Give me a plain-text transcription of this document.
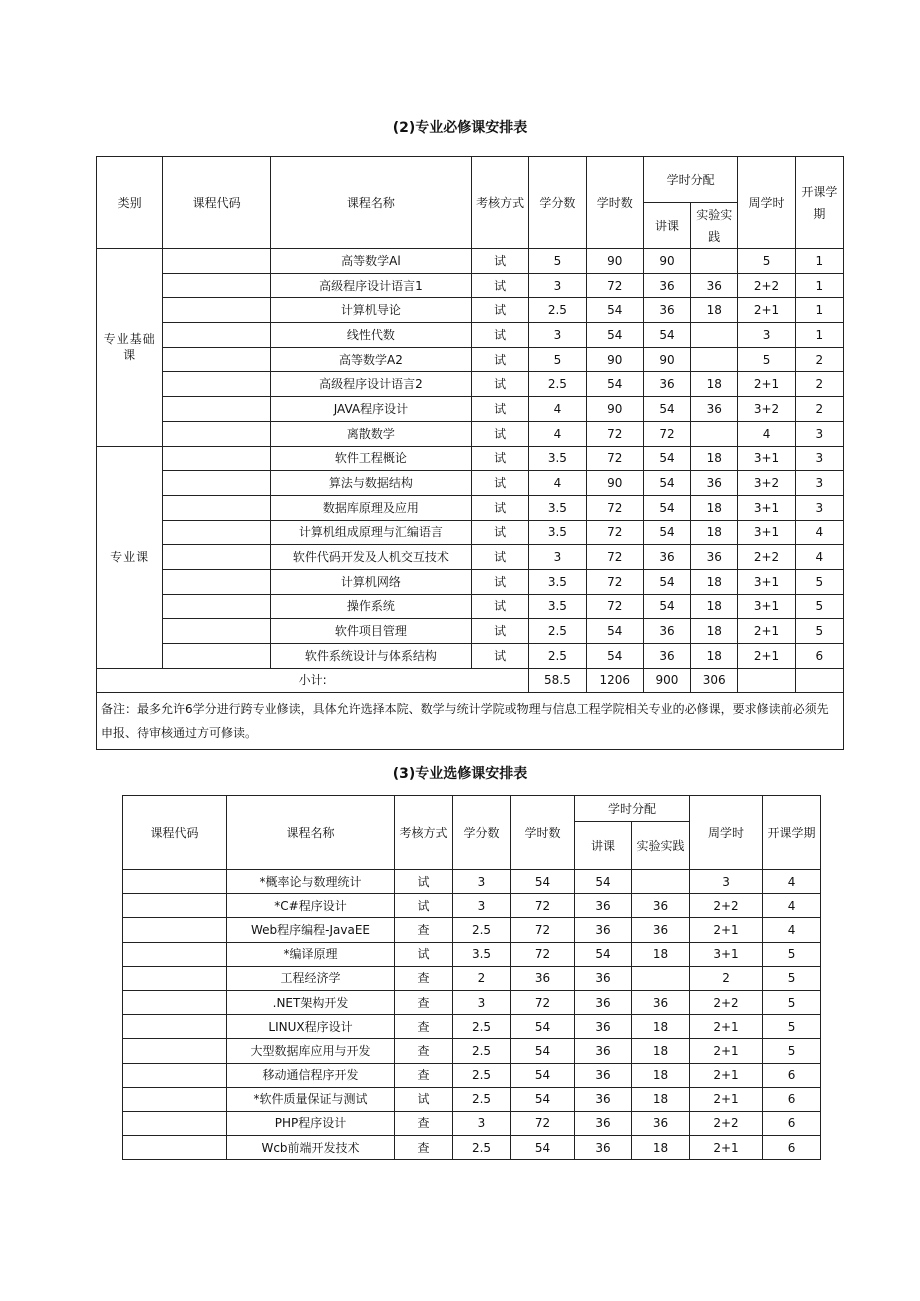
(2)专业必修课安排表
类别	课程代码	课程名称	考核方式	学分数	学时数	学时分配		周学时	开课学期
						讲课	实验实践		
专业基础课		高等数学Al	试	5	90	90		5	1
		高级程序设计语言1	试	3	72	36	36	2+2	1
		计算机导论	试	2.5	54	36	18	2+1	1
		线性代数	试	3	54	54		3	1
		高等数学A2	试	5	90	90		5	2
		高级程序设计语言2	试	2.5	54	36	18	2+1	2
		JAVA程序设计	试	4	90	54	36	3+2	2
		离散数学	试	4	72	72		4	3
专业课		软件工程概论	试	3.5	72	54	18	3+1	3
		算法与数据结构	试	4	90	54	36	3+2	3
		数据库原理及应用	试	3.5	72	54	18	3+1	3
		计算机组成原理与汇编语言	试	3.5	72	54	18	3+1	4
		软件代码开发及人机交互技术	试	3	72	36	36	2+2	4
		计算机网络	试	3.5	72	54	18	3+1	5
		操作系统	试	3.5	72	54	18	3+1	5
		软件项目管理	试	2.5	54	36	18	2+1	5
		软件系统设计与体系结构	试	2.5	54	36	18	2+1	6
小计:				58.5	1206	900	306		
备注：最多允许6学分进行跨专业修读，具体允许选择本院、数学与统计学院或物理与信息工程学院相关专业的必修课，要求修读前必须先申报、待审核通过方可修读。									
(3)专业选修课安排表
课程代码	课程名称	考核方式	学分数	学时数	学时分配		周学时	开课学期
					讲课	实验实践		
	*概率论与数理统计	试	3	54	54		3	4
	*C#程序设计	试	3	72	36	36	2+2	4
	Web程序编程-JavaEE	查	2.5	72	36	36	2+1	4
	*编译原理	试	3.5	72	54	18	3+1	5
	工程经济学	查	2	36	36		2	5
	.NET架构开发	查	3	72	36	36	2+2	5
	LINUX程序设计	查	2.5	54	36	18	2+1	5
	大型数据库应用与开发	查	2.5	54	36	18	2+1	5
	移动通信程序开发	查	2.5	54	36	18	2+1	6
	*软件质量保证与测试	试	2.5	54	36	18	2+1	6
	PHP程序设计	查	3	72	36	36	2+2	6
	Wcb前端开发技术	查	2.5	54	36	18	2+1	6
